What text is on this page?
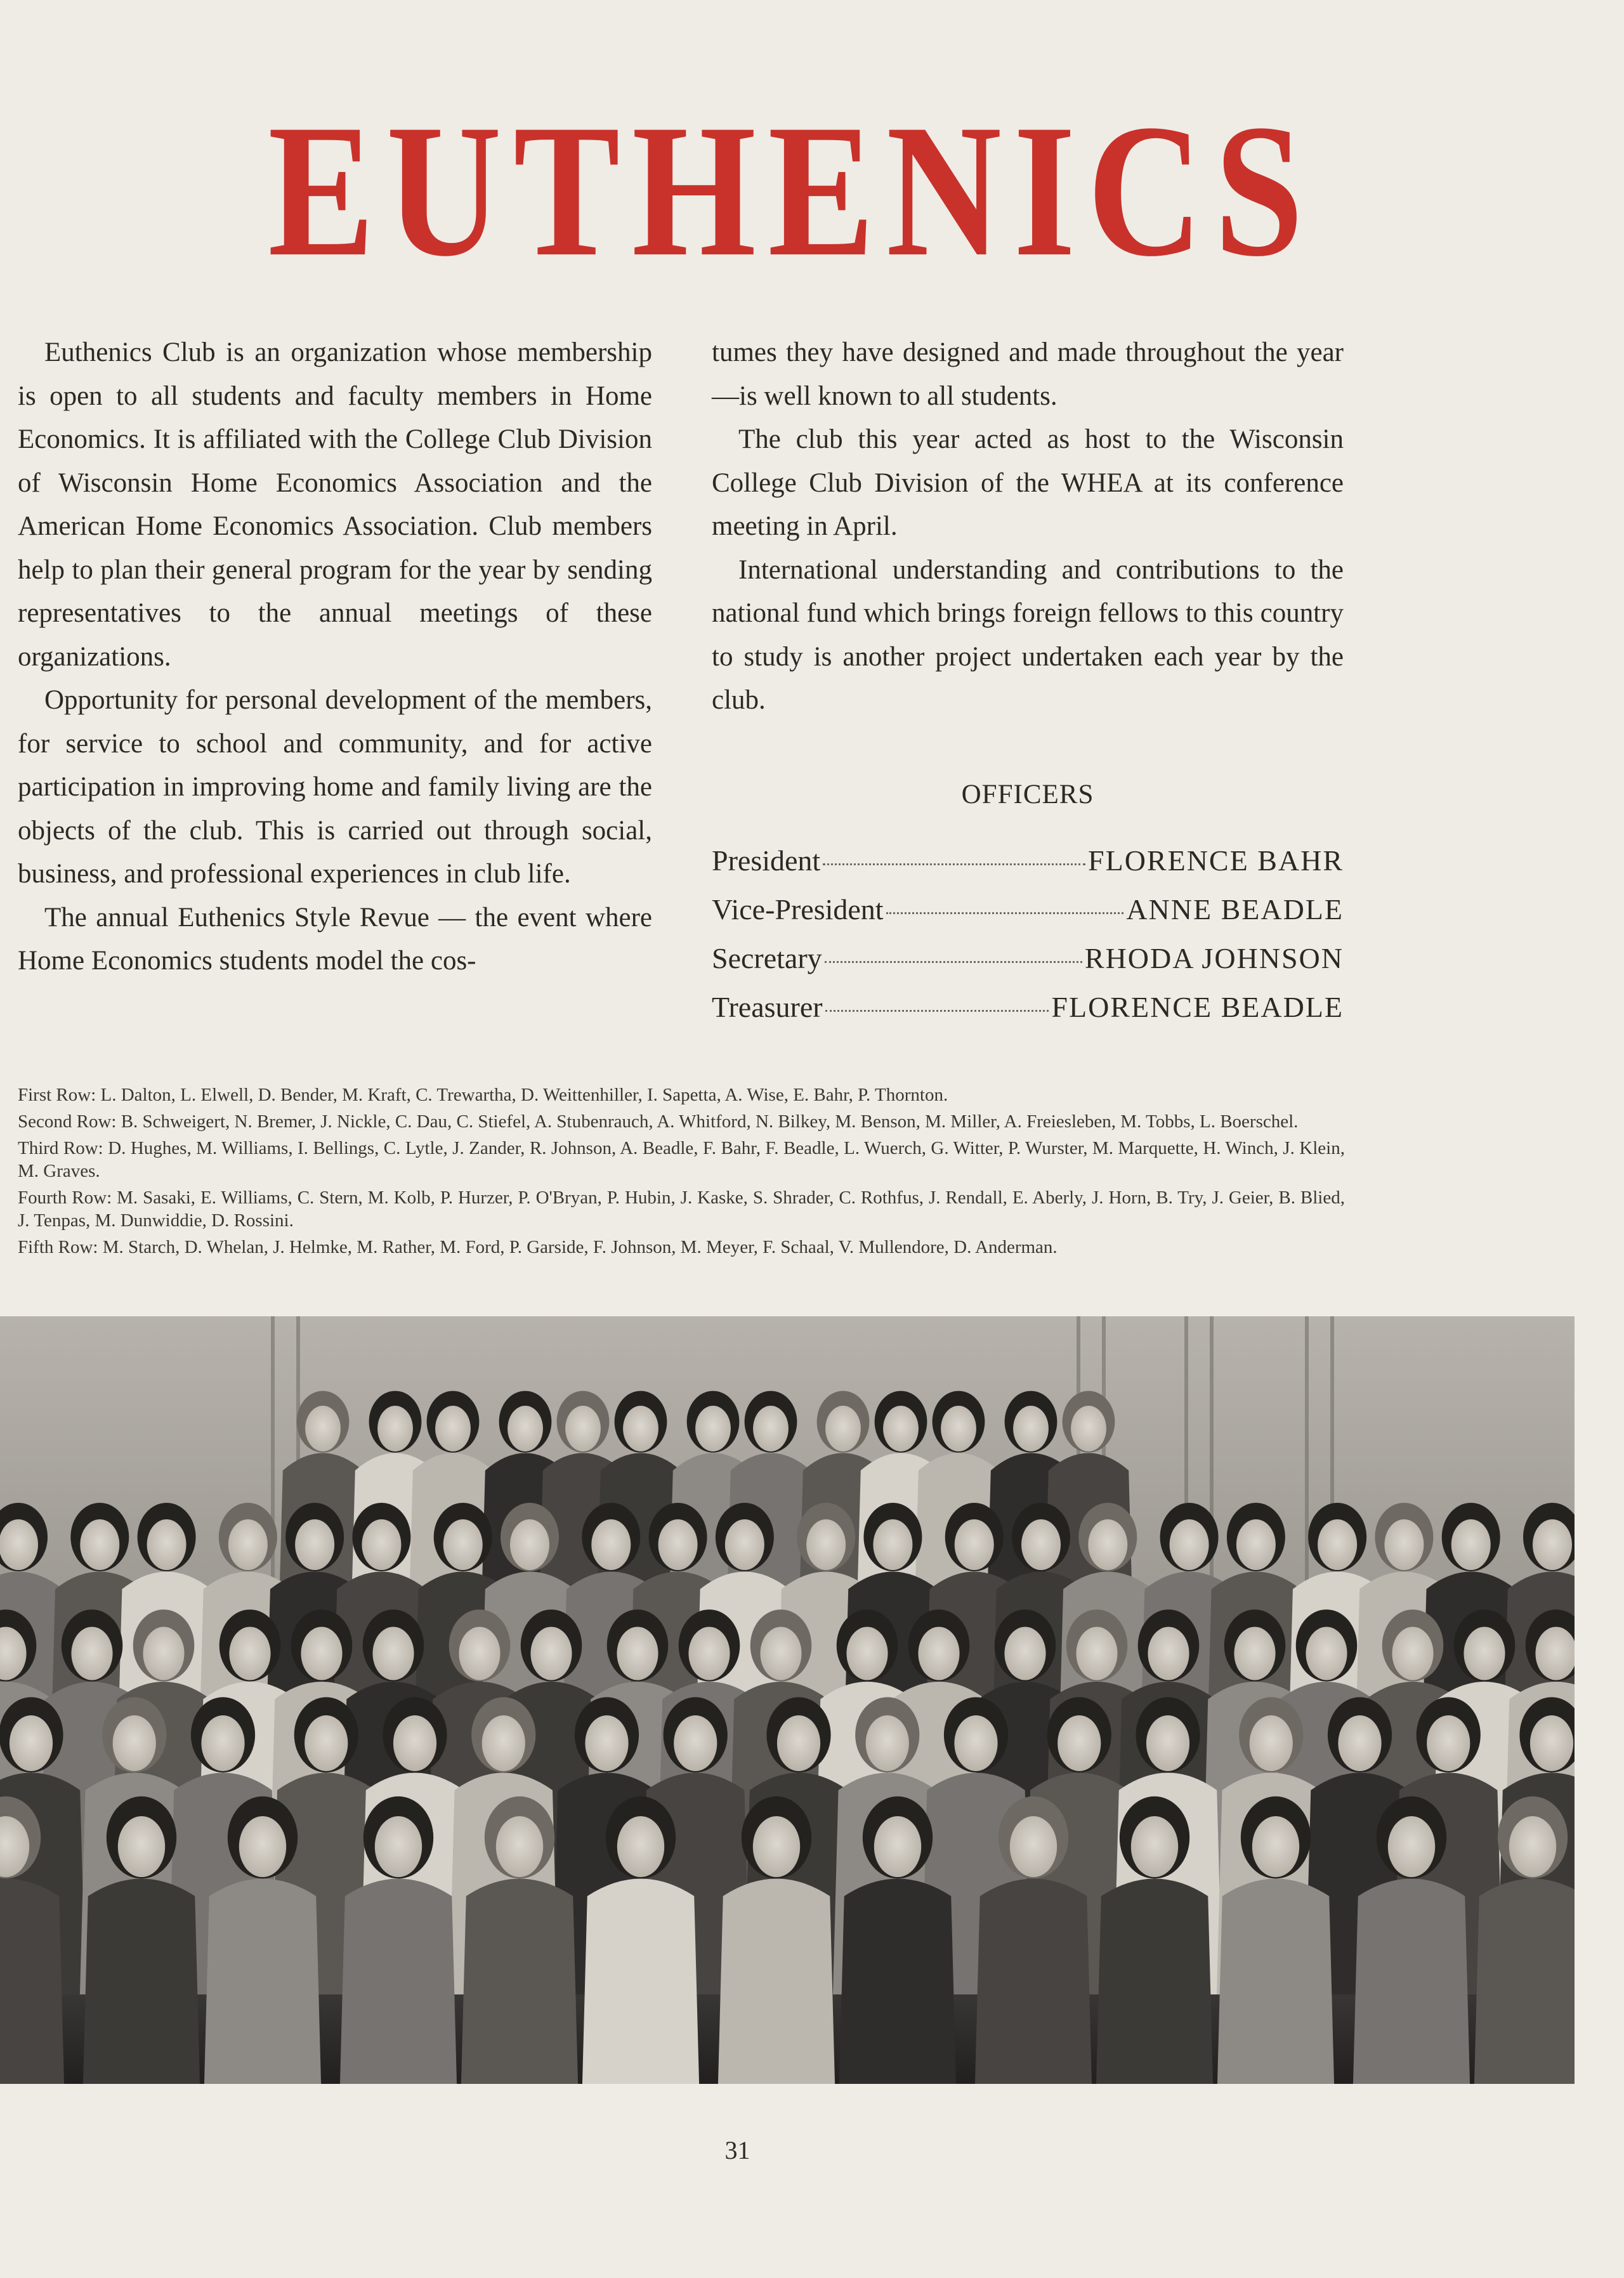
EUTHENICS

Euthenics Club is an organization whose membership is open to all students and faculty members in Home Economics. It is affiliated with the College Club Division of Wisconsin Home Economics Association and the American Home Economics Association. Club members help to plan their general program for the year by sending representatives to the annual meetings of these organizations.

Opportunity for personal development of the members, for service to school and community, and for active participation in improving home and family living are the objects of the club. This is carried out through social, business, and professional experiences in club life.

The annual Euthenics Style Revue — the event where Home Economics students model the cos-

tumes they have designed and made throughout the year—is well known to all students.

The club this year acted as host to the Wisconsin College Club Division of the WHEA at its conference meeting in April.

International understanding and contributions to the national fund which brings foreign fellows to this country to study is another project undertaken each year by the club.

OFFICERS
President	FLORENCE BAHR
Vice-President	ANNE BEADLE
Secretary	RHODA JOHNSON
Treasurer	FLORENCE BEADLE
First Row: L. Dalton, L. Elwell, D. Bender, M. Kraft, C. Trewartha, D. Weittenhiller, I. Sapetta, A. Wise, E. Bahr, P. Thornton.
Second Row: B. Schweigert, N. Bremer, J. Nickle, C. Dau, C. Stiefel, A. Stubenrauch, A. Whitford, N. Bilkey, M. Benson, M. Miller, A. Freiesleben, M. Tobbs, L. Boerschel.
Third Row: D. Hughes, M. Williams, I. Bellings, C. Lytle, J. Zander, R. Johnson, A. Beadle, F. Bahr, F. Beadle, L. Wuerch, G. Witter, P. Wurster, M. Marquette, H. Winch, J. Klein, M. Graves.
Fourth Row: M. Sasaki, E. Williams, C. Stern, M. Kolb, P. Hurzer, P. O'Bryan, P. Hubin, J. Kaske, S. Shrader, C. Rothfus, J. Rendall, E. Aberly, J. Horn, B. Try, J. Geier, B. Blied, J. Tenpas, M. Dunwiddie, D. Rossini.
Fifth Row: M. Starch, D. Whelan, J. Helmke, M. Rather, M. Ford, P. Garside, F. Johnson, M. Meyer, F. Schaal, V. Mullendore, D. Anderman.
31
